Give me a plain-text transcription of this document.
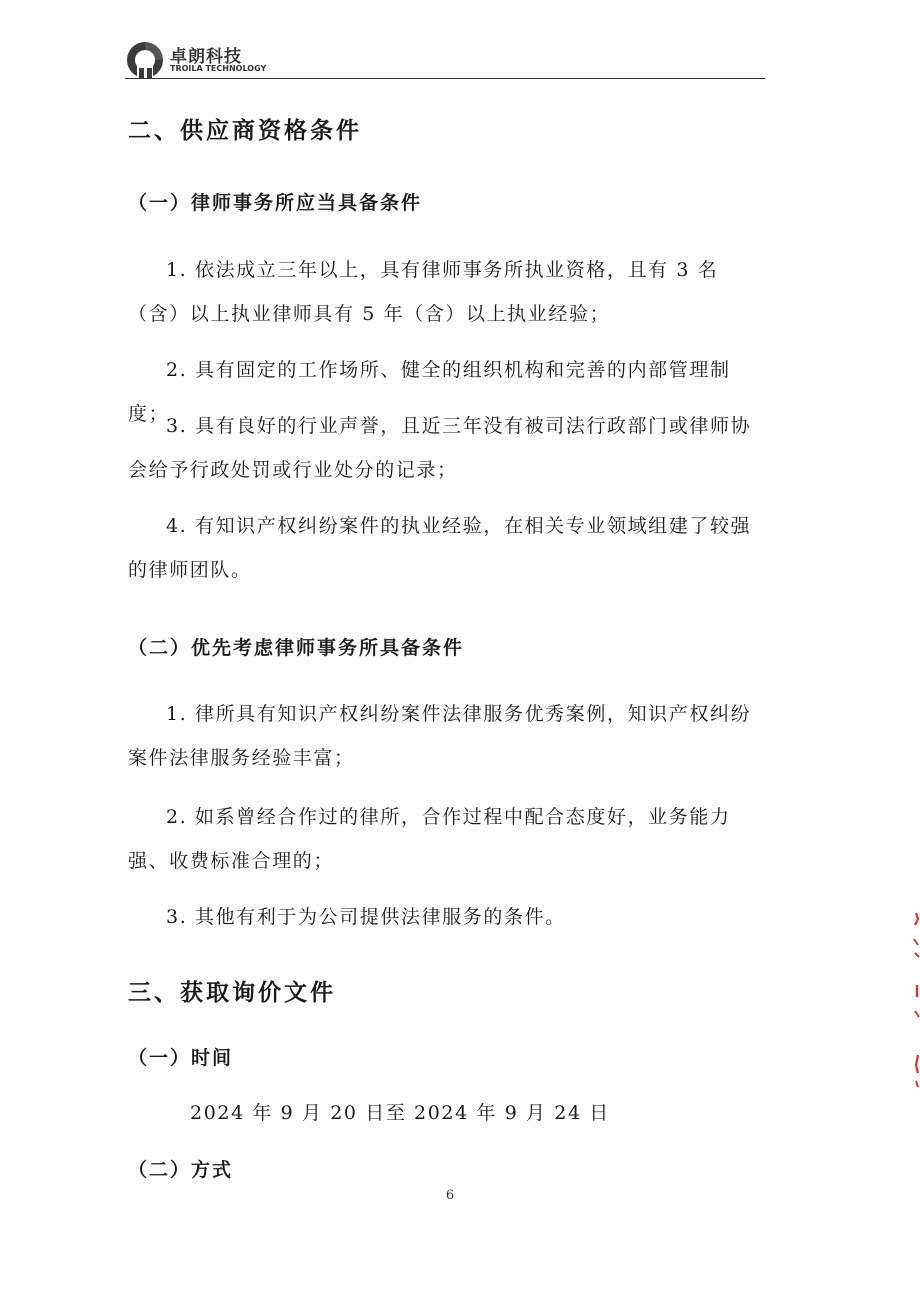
卓朗科技
TROILA TECHNOLOGY
二、供应商资格条件
（一）律师事务所应当具备条件

1. 依法成立三年以上，具有律师事务所执业资格，且有 3 名（含）以上执业律师具有 5 年（含）以上执业经验；

2. 具有固定的工作场所、健全的组织机构和完善的内部管理制度；

3. 具有良好的行业声誉，且近三年没有被司法行政部门或律师协会给予行政处罚或行业处分的记录；

4. 有知识产权纠纷案件的执业经验，在相关专业领域组建了较强的律师团队。

（二）优先考虑律师事务所具备条件

1. 律所具有知识产权纠纷案件法律服务优秀案例，知识产权纠纷案件法律服务经验丰富；

2. 如系曾经合作过的律所，合作过程中配合态度好，业务能力强、收费标准合理的；

3. 其他有利于为公司提供法律服务的条件。

三、获取询价文件
（一）时间

2024 年 9 月 20 日至 2024 年 9 月 24 日

（二）方式
6
